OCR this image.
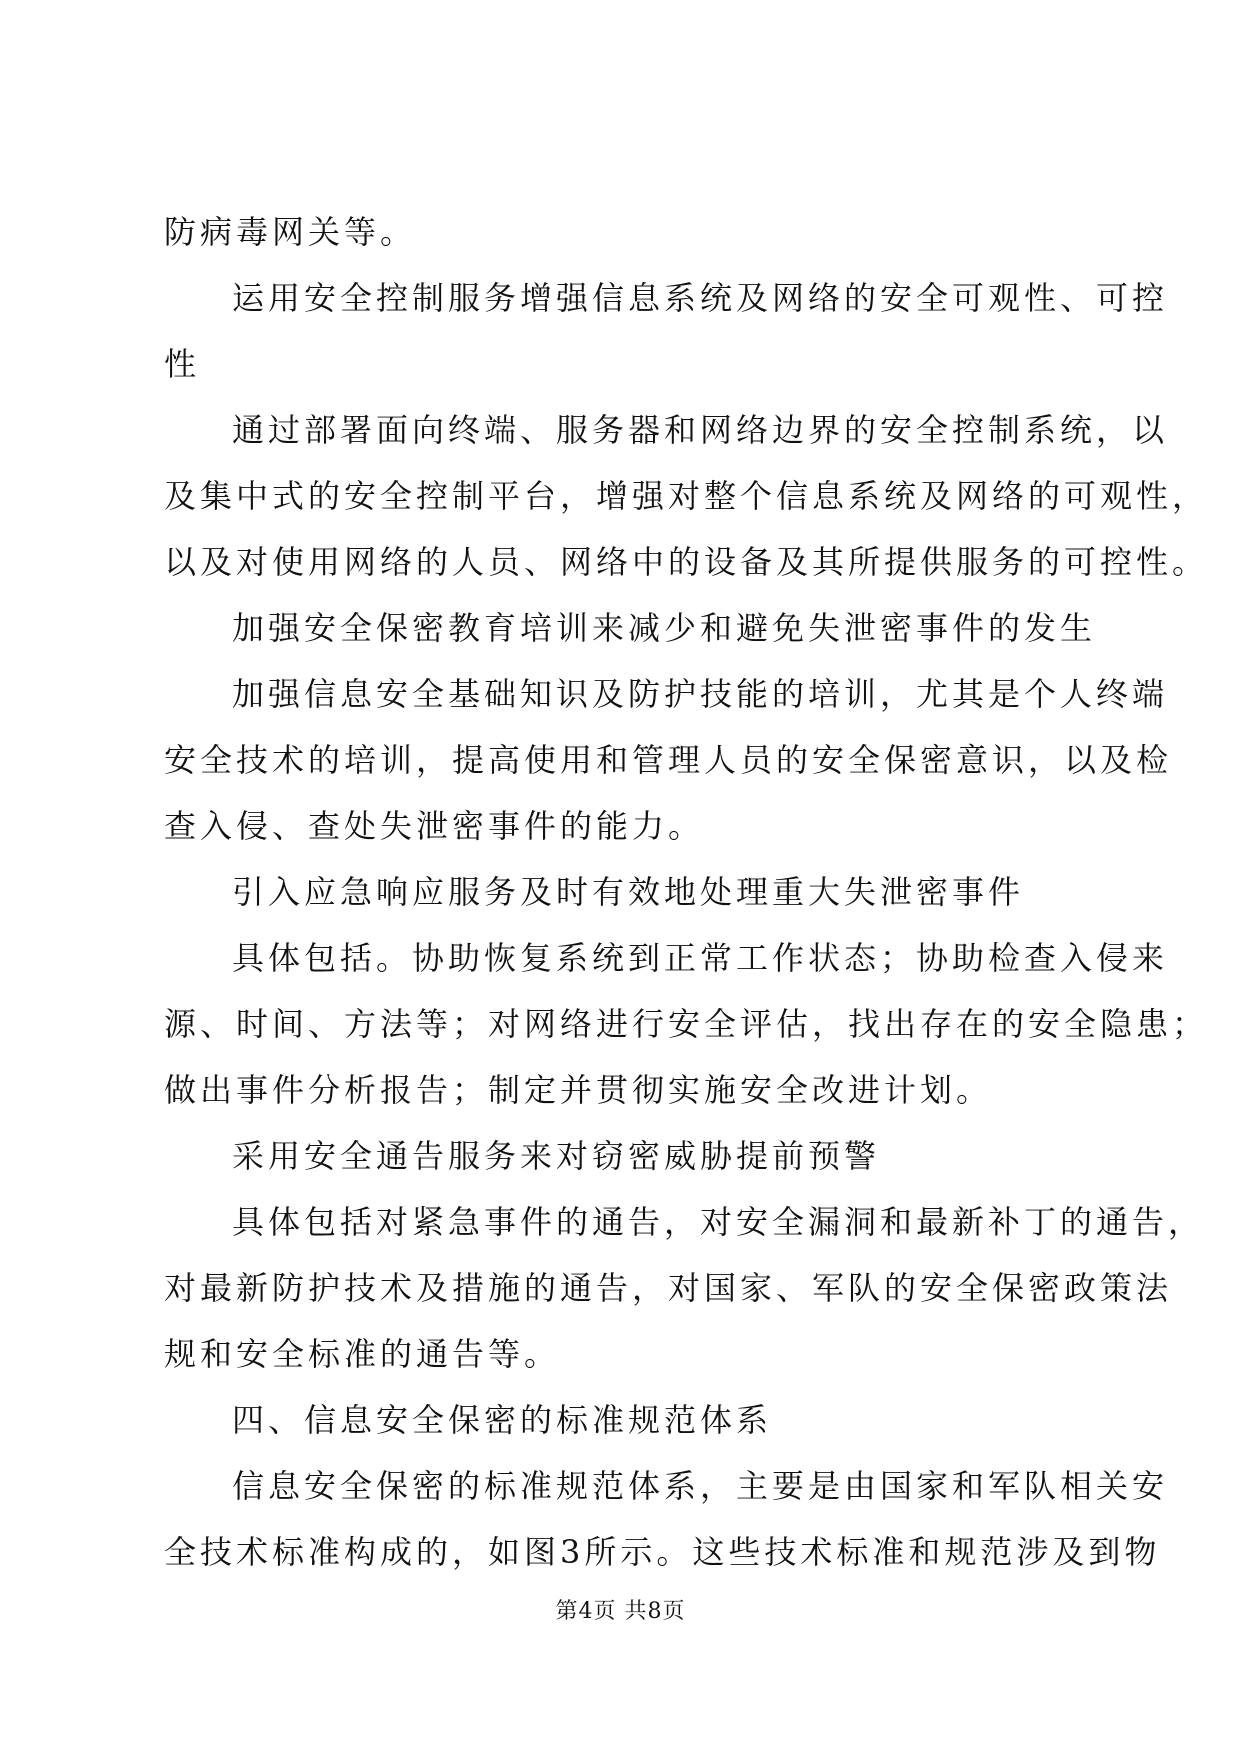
防病毒网关等。
运用安全控制服务增强信息系统及网络的安全可观性、可控
性
通过部署面向终端、服务器和网络边界的安全控制系统，以
及集中式的安全控制平台，增强对整个信息系统及网络的可观性，
以及对使用网络的人员、网络中的设备及其所提供服务的可控性。
加强安全保密教育培训来减少和避免失泄密事件的发生
加强信息安全基础知识及防护技能的培训，尤其是个人终端
安全技术的培训，提高使用和管理人员的安全保密意识，以及检
查入侵、查处失泄密事件的能力。
引入应急响应服务及时有效地处理重大失泄密事件
具体包括。协助恢复系统到正常工作状态；协助检查入侵来
源、时间、方法等；对网络进行安全评估，找出存在的安全隐患；
做出事件分析报告；制定并贯彻实施安全改进计划。
采用安全通告服务来对窃密威胁提前预警
具体包括对紧急事件的通告，对安全漏洞和最新补丁的通告，
对最新防护技术及措施的通告，对国家、军队的安全保密政策法
规和安全标准的通告等。
四、信息安全保密的标准规范体系
信息安全保密的标准规范体系，主要是由国家和军队相关安
全技术标准构成的，如图3所示。这些技术标准和规范涉及到物
第4页 共8页
